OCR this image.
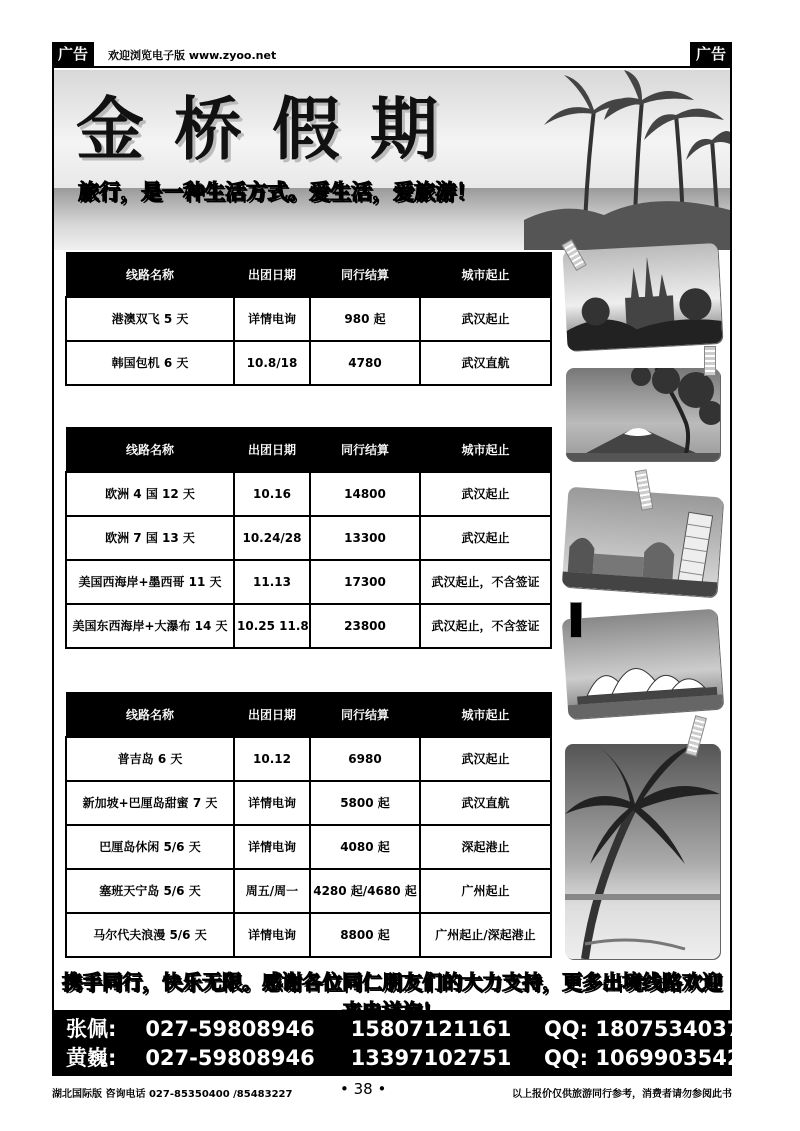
广告	欢迎浏览电子版 www.zyoo.net	广告
金桥假期
旅行，是一种生活方式。爱生活，爱旅游！
线路名称	出团日期	同行结算	城市起止
港澳双飞 5 天	详情电询	980 起	武汉起止
韩国包机 6 天	10.8/18	4780	武汉直航
线路名称	出团日期	同行结算	城市起止
欧洲 4 国 12 天	10.16	14800	武汉起止
欧洲 7 国 13 天	10.24/28	13300	武汉起止
美国西海岸+墨西哥 11 天	11.13	17300	武汉起止，不含签证
美国东西海岸+大瀑布 14 天	10.25 11.8	23800	武汉起止，不含签证
线路名称	出团日期	同行结算	城市起止
普吉岛 6 天	10.12	6980	武汉起止
新加坡+巴厘岛甜蜜 7 天	详情电询	5800 起	武汉直航
巴厘岛休闲 5/6 天	详情电询	4080 起	深起港止
塞班天宁岛 5/6 天	周五/周一	4280 起/4680 起	广州起止
马尔代夫浪漫 5/6 天	详情电询	8800 起	广州起止/深起港止
携手同行，快乐无限。感谢各位同仁朋友们的大力支持，更多出境线路欢迎
张佩: 027-59808946 15807121161 QQ: 1807534037
黄巍: 027-59808946 13397102751 QQ: 1069903542
湖北国际版 咨询电话 027-85350400 /85483227	• 38 •	以上报价仅供旅游同行参考，消费者请勿参阅此书
